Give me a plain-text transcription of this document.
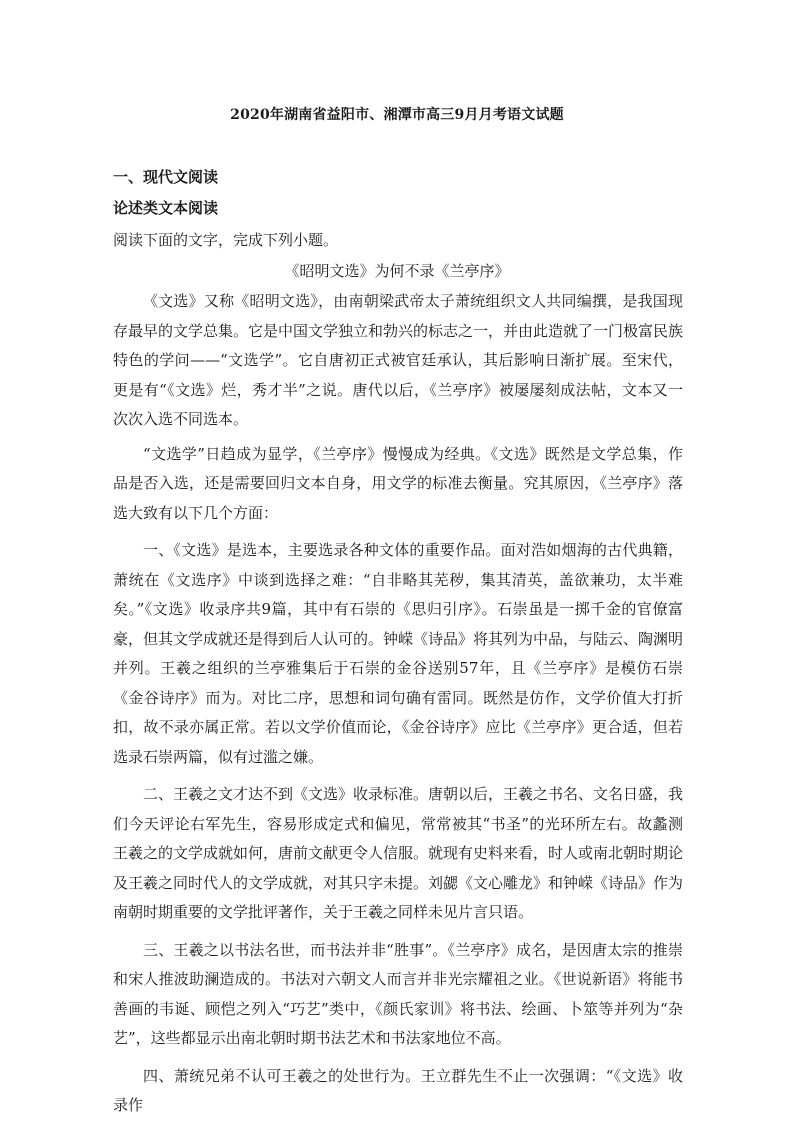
2020年湖南省益阳市、湘潭市高三9月月考语文试题
一、现代文阅读
论述类文本阅读
阅读下面的文字，完成下列小题。
《昭明文选》为何不录《兰亭序》

《文选》又称《昭明文选》，由南朝梁武帝太子萧统组织文人共同编撰，是我国现存最早的文学总集。它是中国文学独立和勃兴的标志之一，并由此造就了一门极富民族特色的学问——“文选学”。它自唐初正式被官廷承认，其后影响日渐扩展。至宋代，更是有“《文选》烂，秀才半”之说。唐代以后，《兰亭序》被屡屡刻成法帖，文本又一次次入选不同选本。

“文选学”日趋成为显学，《兰亭序》慢慢成为经典。《文选》既然是文学总集，作品是否入选，还是需要回归文本自身，用文学的标准去衡量。究其原因，《兰亭序》落选大致有以下几个方面：

一、《文选》是选本，主要选录各种文体的重要作品。面对浩如烟海的古代典籍，萧统在《文选序》中谈到选择之难：“自非略其芜秽，集其清英，盖欲兼功，太半难矣。”《文选》收录序共9篇，其中有石崇的《思归引序》。石崇虽是一掷千金的官僚富豪，但其文学成就还是得到后人认可的。钟嵘《诗品》将其列为中品，与陆云、陶渊明并列。王羲之组织的兰亭雅集后于石崇的金谷送别57年，且《兰亭序》是模仿石崇《金谷诗序》而为。对比二序，思想和词句确有雷同。既然是仿作，文学价值大打折扣，故不录亦属正常。若以文学价值而论，《金谷诗序》应比《兰亭序》更合适，但若选录石崇两篇，似有过滥之嫌。

二、王羲之文才达不到《文选》收录标准。唐朝以后，王羲之书名、文名日盛，我们今天评论右军先生，容易形成定式和偏见，常常被其“书圣”的光环所左右。故蠡测王羲之的文学成就如何，唐前文献更令人信服。就现有史料来看，时人或南北朝时期论及王羲之同时代人的文学成就，对其只字未提。刘勰《文心雕龙》和钟嵘《诗品》作为南朝时期重要的文学批评著作，关于王羲之同样未见片言只语。

三、王羲之以书法名世，而书法并非“胜事”。《兰亭序》成名，是因唐太宗的推崇和宋人推波助澜造成的。书法对六朝文人而言并非光宗耀祖之业。《世说新语》将能书善画的韦诞、顾恺之列入“巧艺”类中，《颜氏家训》将书法、绘画、卜筮等并列为“杂艺”，这些都显示出南北朝时期书法艺术和书法家地位不高。

四、萧统兄弟不认可王羲之的处世行为。王立群先生不止一次强调：“《文选》收录作
